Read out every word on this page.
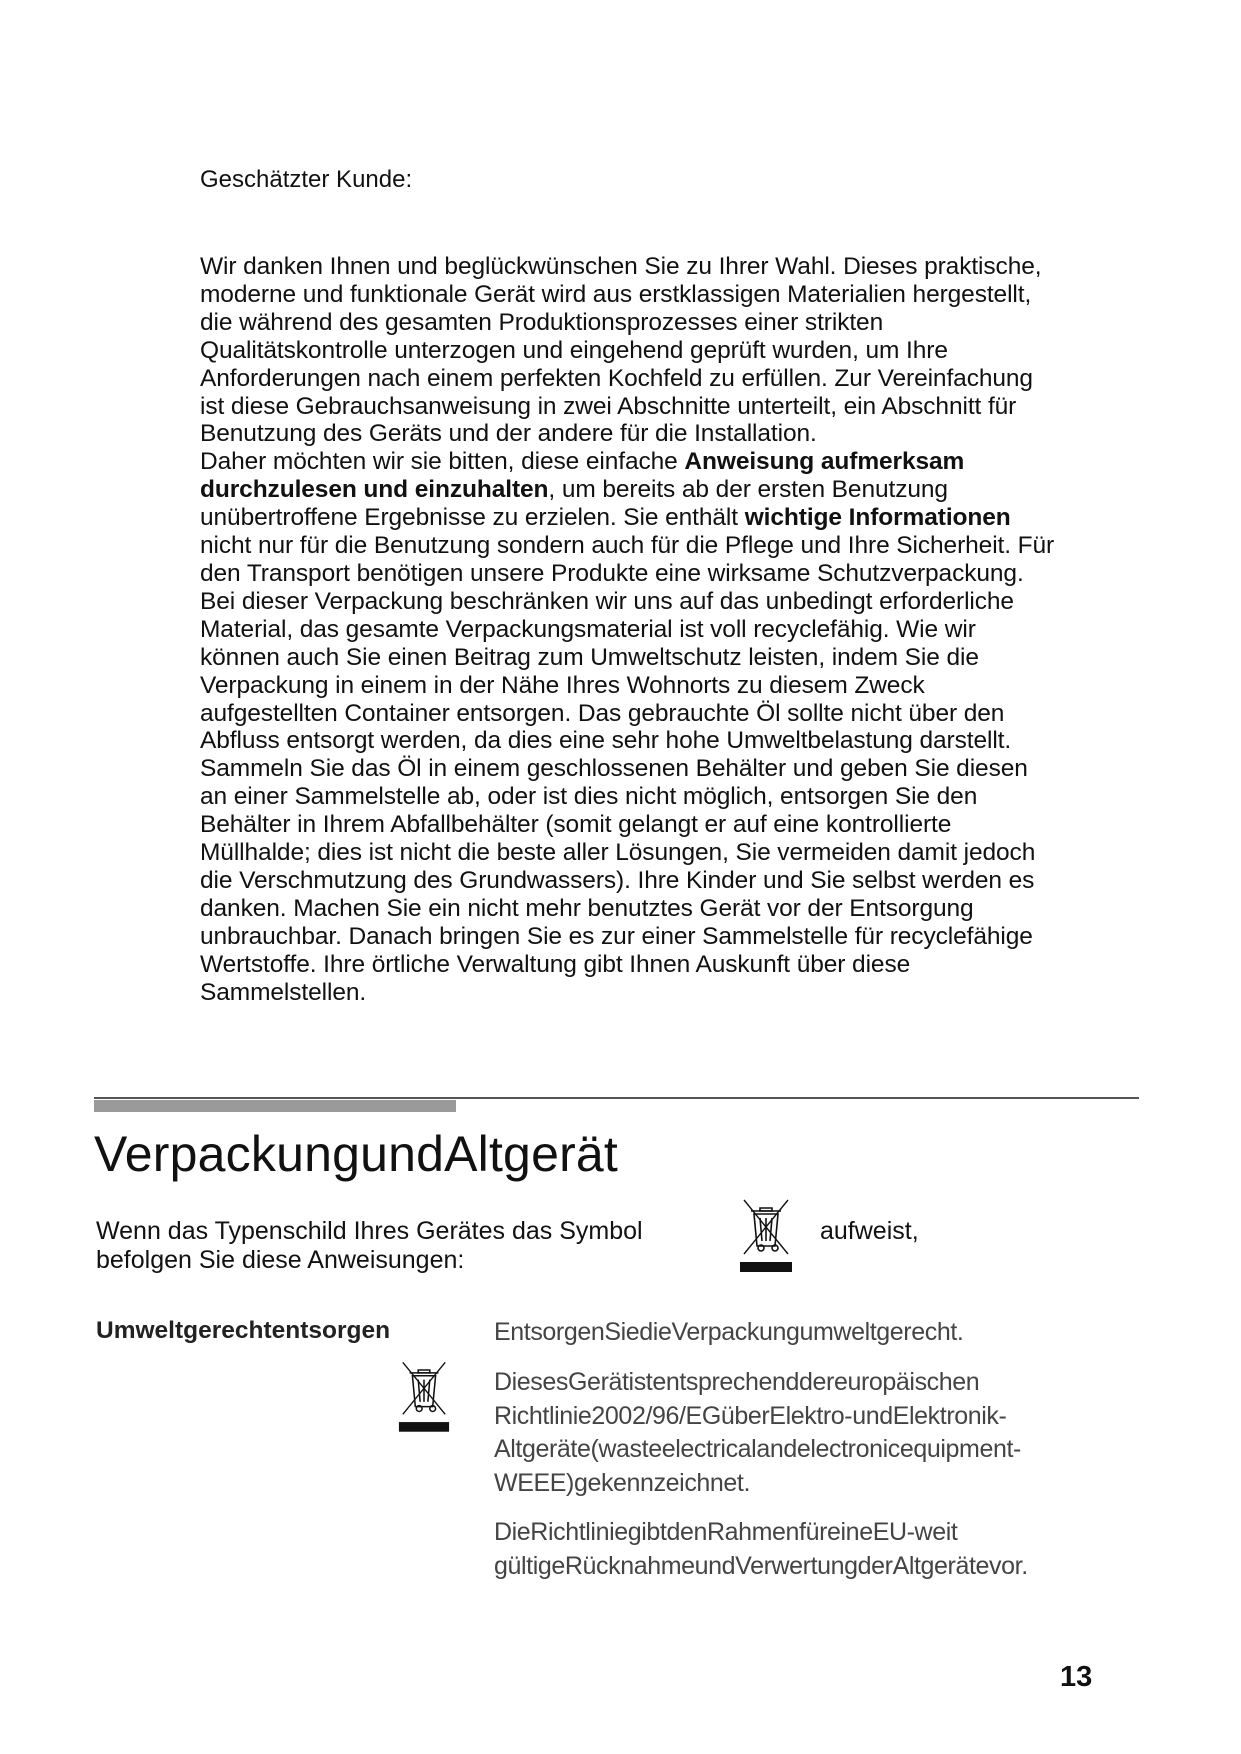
Geschätzter Kunde:

Wir danken Ihnen und beglückwünschen Sie zu Ihrer Wahl. Dieses praktische, moderne und funktionale Gerät wird aus erstklassigen Materialien hergestellt, die während des gesamten Produktionsprozesses einer strikten Qualitätskontrolle unterzogen und eingehend geprüft wurden, um Ihre Anforderungen nach einem perfekten Kochfeld zu erfüllen. Zur Vereinfachung ist diese Gebrauchsanweisung in zwei Abschnitte unterteilt, ein Abschnitt für Benutzung des Geräts und der andere für die Installation.
Daher möchten wir sie bitten, diese einfache Anweisung aufmerksam durchzulesen und einzuhalten, um bereits ab der ersten Benutzung unübertroffene Ergebnisse zu erzielen. Sie enthält wichtige Informationen nicht nur für die Benutzung sondern auch für die Pflege und Ihre Sicherheit. Für den Transport benötigen unsere Produkte eine wirksame Schutzverpackung. Bei dieser Verpackung beschränken wir uns auf das unbedingt erforderliche Material, das gesamte Verpackungsmaterial ist voll recyclefähig. Wie wir können auch Sie einen Beitrag zum Umweltschutz leisten, indem Sie die Verpackung in einem in der Nähe Ihres Wohnorts zu diesem Zweck aufgestellten Container entsorgen. Das gebrauchte Öl sollte nicht über den Abfluss entsorgt werden, da dies eine sehr hohe Umweltbelastung darstellt. Sammeln Sie das Öl in einem geschlossenen Behälter und geben Sie diesen an einer Sammelstelle ab, oder ist dies nicht möglich, entsorgen Sie den Behälter in Ihrem Abfallbehälter (somit gelangt er auf eine kontrollierte Müllhalde; dies ist nicht die beste aller Lösungen, Sie vermeiden damit jedoch die Verschmutzung des Grundwassers). Ihre Kinder und Sie selbst werden es danken. Machen Sie ein nicht mehr benutztes Gerät vor der Entsorgung unbrauchbar. Danach bringen Sie es zur einer Sammelstelle für recyclefähige Wertstoffe. Ihre örtliche Verwaltung gibt Ihnen Auskunft über diese Sammelstellen.

VerpackungundAltgerät

Wenn das Typenschild Ihres Gerätes das Symbol	aufweist,

befolgen Sie diese Anweisungen:

Umweltgerechtentsorgen	EntsorgenSiedieVerpackungumweltgerecht.

DiesesGerätistentsprechenddereuropäischen Richtlinie2002/96/EGüberElektro-undElektronik-Altgeräte(wasteelectricalandelectronicequipment-WEEE)gekennzeichnet.

DieRichtliniegibtdenRahmenfüreineEU-weit gültigeRücknahmeundVerwertungderAltgerätevor.

13
